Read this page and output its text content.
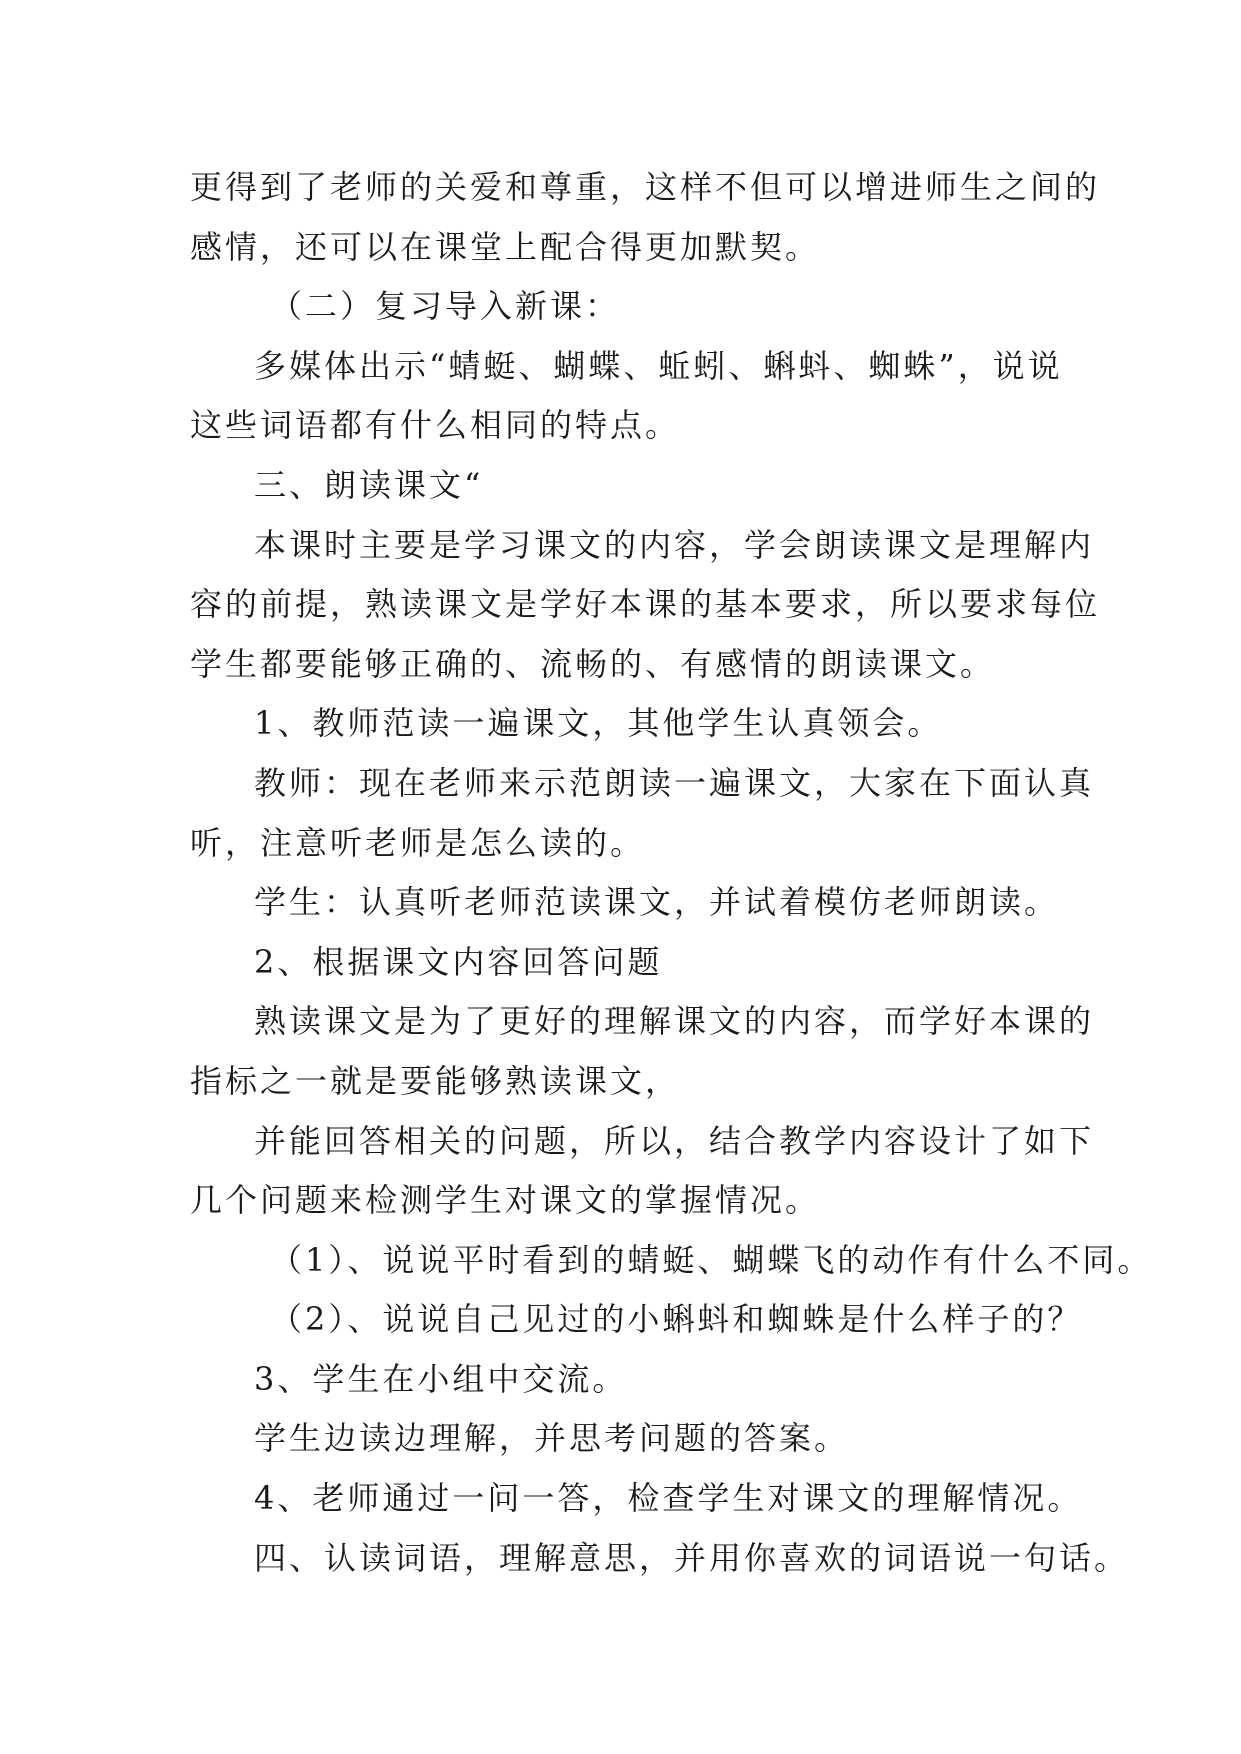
更得到了老师的关爱和尊重，这样不但可以增进师生之间的
感情，还可以在课堂上配合得更加默契。
（二）复习导入新课：
多媒体出示“蜻蜓、蝴蝶、蚯蚓、蝌蚪、蜘蛛”，说说
这些词语都有什么相同的特点。
三、朗读课文“
本课时主要是学习课文的内容，学会朗读课文是理解内
容的前提，熟读课文是学好本课的基本要求，所以要求每位
学生都要能够正确的、流畅的、有感情的朗读课文。
1、教师范读一遍课文，其他学生认真领会。
教师：现在老师来示范朗读一遍课文，大家在下面认真
听，注意听老师是怎么读的。
学生：认真听老师范读课文，并试着模仿老师朗读。
2、根据课文内容回答问题
熟读课文是为了更好的理解课文的内容，而学好本课的
指标之一就是要能够熟读课文，
并能回答相关的问题，所以，结合教学内容设计了如下
几个问题来检测学生对课文的掌握情况。
（1）、说说平时看到的蜻蜓、蝴蝶飞的动作有什么不同。
（2）、说说自己见过的小蝌蚪和蜘蛛是什么样子的？
3、学生在小组中交流。
学生边读边理解，并思考问题的答案。
4、老师通过一问一答，检查学生对课文的理解情况。
四、认读词语，理解意思，并用你喜欢的词语说一句话。
